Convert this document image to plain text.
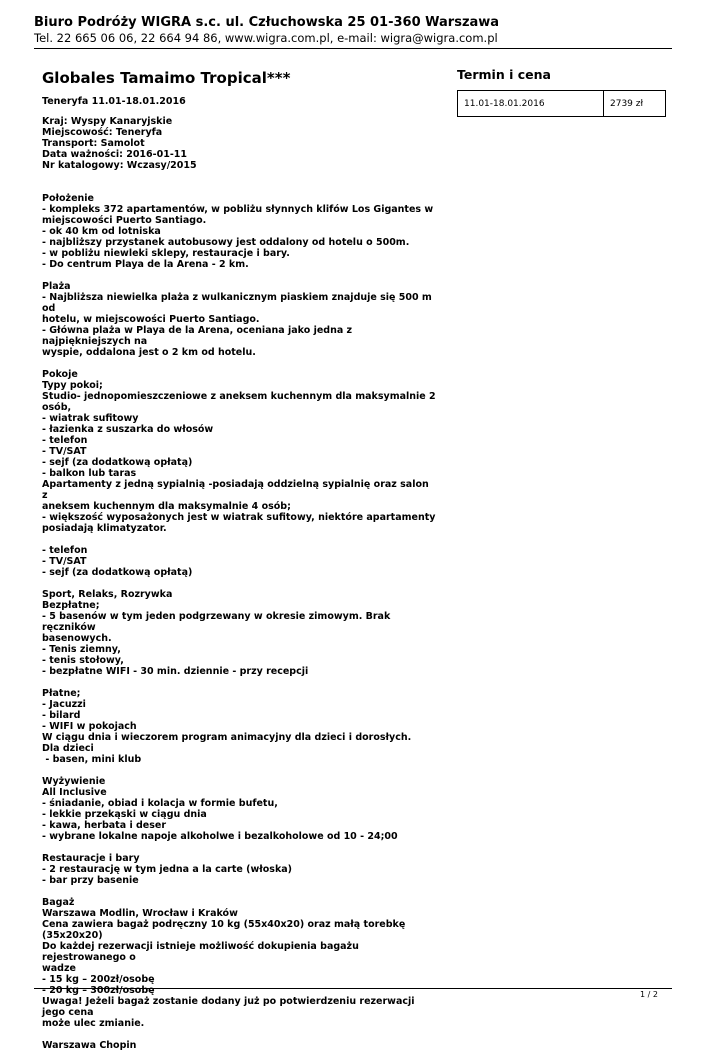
Biuro Podróży WIGRA s.c. ul. Człuchowska 25 01-360 Warszawa
Tel. 22 665 06 06, 22 664 94 86, www.wigra.com.pl, e-mail: wigra@wigra.com.pl
Globales Tamaimo Tropical***
Teneryfa 11.01-18.01.2016
Kraj: Wyspy Kanaryjskie
Miejscowość: Teneryfa
Transport: Samolot
Data ważności: 2016-01-11
Nr katalogowy: Wczasy/2015
Położenie
- kompleks 372 apartamentów, w pobliżu słynnych klifów Los Gigantes w
miejscowości Puerto Santiago.
- ok 40 km od lotniska
- najbliższy przystanek autobusowy jest oddalony od hotelu o 500m.
- w pobliżu niewleki sklepy, restauracje i bary.
- Do centrum Playa de la Arena - 2 km.

Plaża
- Najbliższa niewielka plaża z wulkanicznym piaskiem znajduje się 500 m od
hotelu, w miejscowości Puerto Santiago.
- Główna plaża w Playa de la Arena, oceniana jako jedna z najpiękniejszych na
wyspie, oddalona jest o 2 km od hotelu.

Pokoje
Typy pokoi;
Studio- jednopomieszczeniowe z aneksem kuchennym dla maksymalnie 2 osób,
- wiatrak sufitowy
- łazienka z suszarka do włosów
- telefon
- TV/SAT
- sejf (za dodatkową opłatą)
- balkon lub taras
Apartamenty z jedną sypialnią -posiadają oddzielną sypialnię oraz salon z
aneksem kuchennym dla maksymalnie 4 osób;
- większość wyposażonych jest w wiatrak sufitowy, niektóre apartamenty
posiadają klimatyzator.

- telefon
- TV/SAT
- sejf (za dodatkową opłatą)

Sport, Relaks, Rozrywka
Bezpłatne;
- 5 basenów w tym jeden podgrzewany w okresie zimowym. Brak ręczników
basenowych.
- Tenis ziemny,
- tenis stołowy,
- bezpłatne WIFI - 30 min. dziennie - przy recepcji

Płatne;
- Jacuzzi
- bilard
- WIFI w pokojach
W ciągu dnia i wieczorem program animacyjny dla dzieci i dorosłych.
Dla dzieci
- basen, mini klub

Wyżywienie
All Inclusive
- śniadanie, obiad i kolacja w formie bufetu,
- lekkie przekąski w ciągu dnia
- kawa, herbata i deser
- wybrane lokalne napoje alkoholwe i bezalkoholowe od 10 - 24;00

Restauracje i bary
- 2 restaurację w tym jedna a la carte (włoska)
- bar przy basenie

Bagaż
Warszawa Modlin, Wrocław i Kraków
Cena zawiera bagaż podręczny 10 kg (55x40x20) oraz małą torebkę (35x20x20)
Do każdej rezerwacji istnieje możliwość dokupienia bagażu rejestrowanego o
wadze
- 15 kg – 200zł/osobę
- 20 kg – 300zł/osobę
Uwaga! Jeżeli bagaż zostanie dodany już po potwierdzeniu rezerwacji jego cena
może ulec zmianie.

Warszawa Chopin
Termin i cena
11.01-18.01.2016	2739 zł
1 / 2
